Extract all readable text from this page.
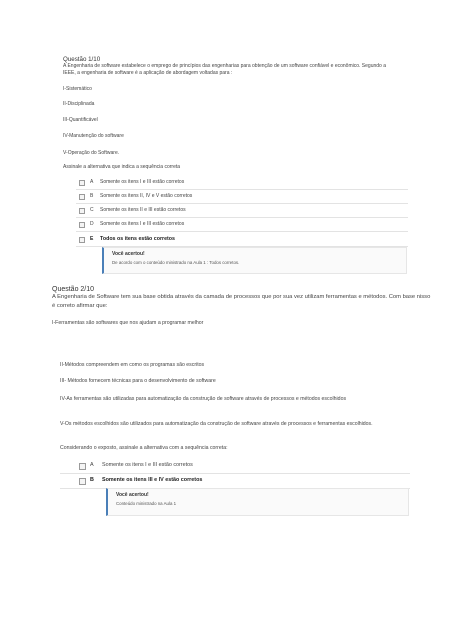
Questão 1/10
A Engenharia de software estabelece o emprego de princípios das engenharias para obtenção de um software confiável e econômico. Segundo a IEEE, a engenharia de software é a aplicação de abordagem voltadas para :
I-Sistemático
II-Disciplinada
III-Quantificável
IV-Manutenção do software
V-Operação do Software.
Assinale a alternativa que indica a sequência correta
A Somente os itens I e III estão corretos
B Somente os itens II, IV e V estão corretos
C Somente os itens II e III estão corretos
D Somente os itens I e III estão corretos
E Todos os itens estão corretos
Você acertou!
De acordo com o conteúdo ministrado na Aula 1 : Todos corretos.
Questão 2/10
A Engenharia de Software tem sua base obtida através da camada de processos que por sua vez utilizam ferramentas e métodos. Com base nisso é correto afirmar que:
I-Ferramentas são softwares que nos ajudam a programar melhor
II-Métodos compreendem em como os programas são escritos
III- Métodos fornecem técnicas para o desenvolvimento de software
IV-As ferramentas são utilizadas para automatização da construção de software através de processos e métodos escolhidos
V-Os métodos escolhidos são utilizados para automatização da construção de software através de processos e ferramentas escolhidos.
Considerando o exposto, assinale a alternativa com a sequência correta:
A Somente os itens I e III estão corretos
B Somente os itens III e IV estão corretos
Você acertou!
Conteúdo ministrado na Aula 1
